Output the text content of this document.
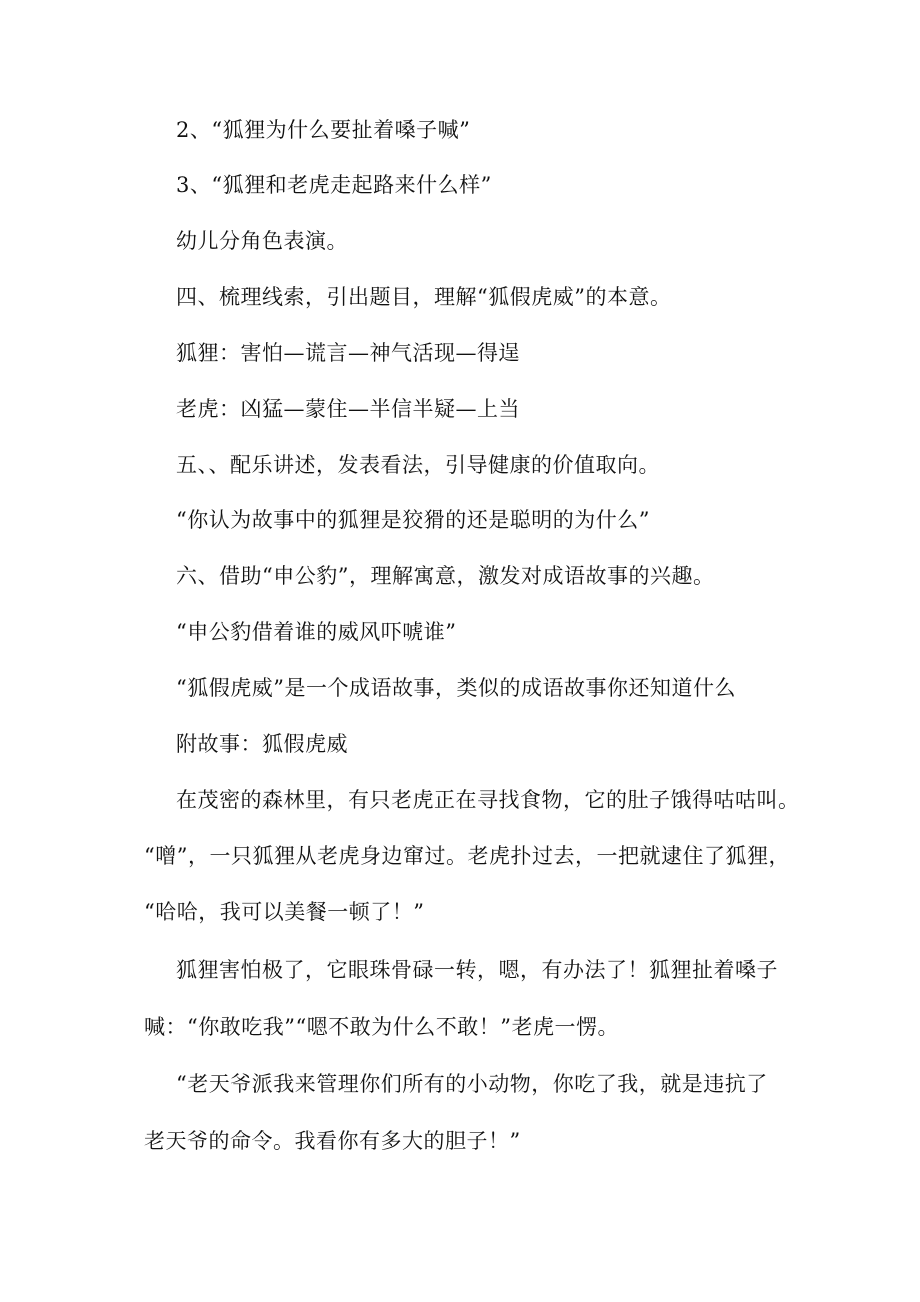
2、“狐狸为什么要扯着嗓子喊”
3、“狐狸和老虎走起路来什么样”
幼儿分角色表演。
四、梳理线索，引出题目，理解“狐假虎威”的本意。
狐狸：害怕—谎言—神气活现—得逞
老虎：凶猛—蒙住—半信半疑—上当
五、、配乐讲述，发表看法，引导健康的价值取向。
“你认为故事中的狐狸是狡猾的还是聪明的为什么”
六、借助“申公豹”，理解寓意，激发对成语故事的兴趣。
“申公豹借着谁的威风吓唬谁”
“狐假虎威”是一个成语故事，类似的成语故事你还知道什么
附故事：狐假虎威
在茂密的森林里，有只老虎正在寻找食物，它的肚子饿得咕咕叫。
“噌”，一只狐狸从老虎身边窜过。老虎扑过去，一把就逮住了狐狸，
“哈哈，我可以美餐一顿了！”
狐狸害怕极了，它眼珠骨碌一转，嗯，有办法了！狐狸扯着嗓子
喊：“你敢吃我”“嗯不敢为什么不敢！”老虎一愣。
“老天爷派我来管理你们所有的小动物，你吃了我，就是违抗了
老天爷的命令。我看你有多大的胆子！”
